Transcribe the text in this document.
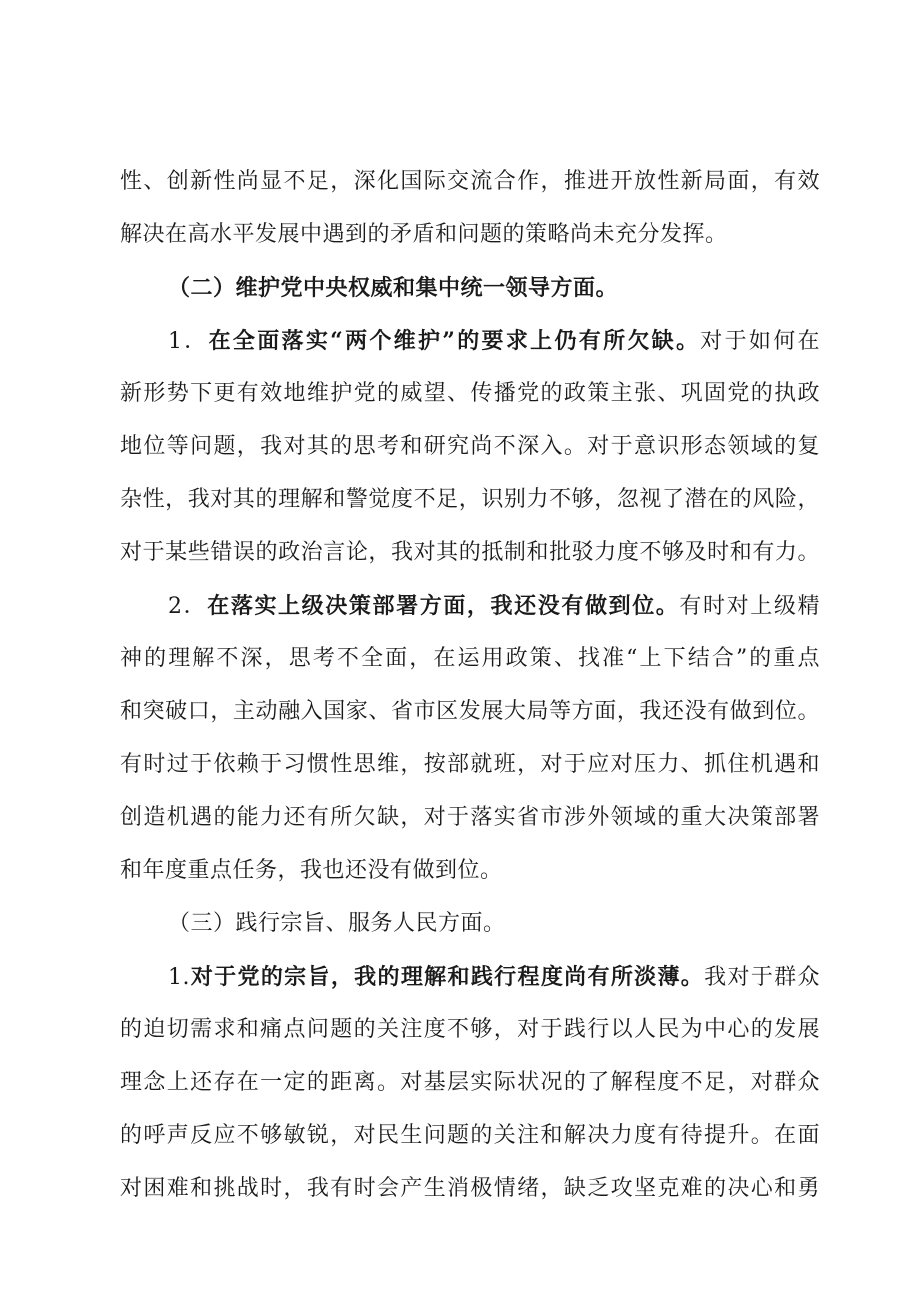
性、创新性尚显不足，深化国际交流合作，推进开放性新局面，有效
解决在高水平发展中遇到的矛盾和问题的策略尚未充分发挥。
（二）维护党中央权威和集中统一领导方面。
1．在全面落实“两个维护”的要求上仍有所欠缺。对于如何在
新形势下更有效地维护党的威望、传播党的政策主张、巩固党的执政
地位等问题，我对其的思考和研究尚不深入。对于意识形态领域的复
杂性，我对其的理解和警觉度不足，识别力不够，忽视了潜在的风险，
对于某些错误的政治言论，我对其的抵制和批驳力度不够及时和有力。
2．在落实上级决策部署方面，我还没有做到位。有时对上级精
神的理解不深，思考不全面，在运用政策、找准“上下结合”的重点
和突破口，主动融入国家、省市区发展大局等方面，我还没有做到位。
有时过于依赖于习惯性思维，按部就班，对于应对压力、抓住机遇和
创造机遇的能力还有所欠缺，对于落实省市涉外领域的重大决策部署
和年度重点任务，我也还没有做到位。
（三）践行宗旨、服务人民方面。
1.对于党的宗旨，我的理解和践行程度尚有所淡薄。我对于群众
的迫切需求和痛点问题的关注度不够，对于践行以人民为中心的发展
理念上还存在一定的距离。对基层实际状况的了解程度不足，对群众
的呼声反应不够敏锐，对民生问题的关注和解决力度有待提升。在面
对困难和挑战时，我有时会产生消极情绪，缺乏攻坚克难的决心和勇
